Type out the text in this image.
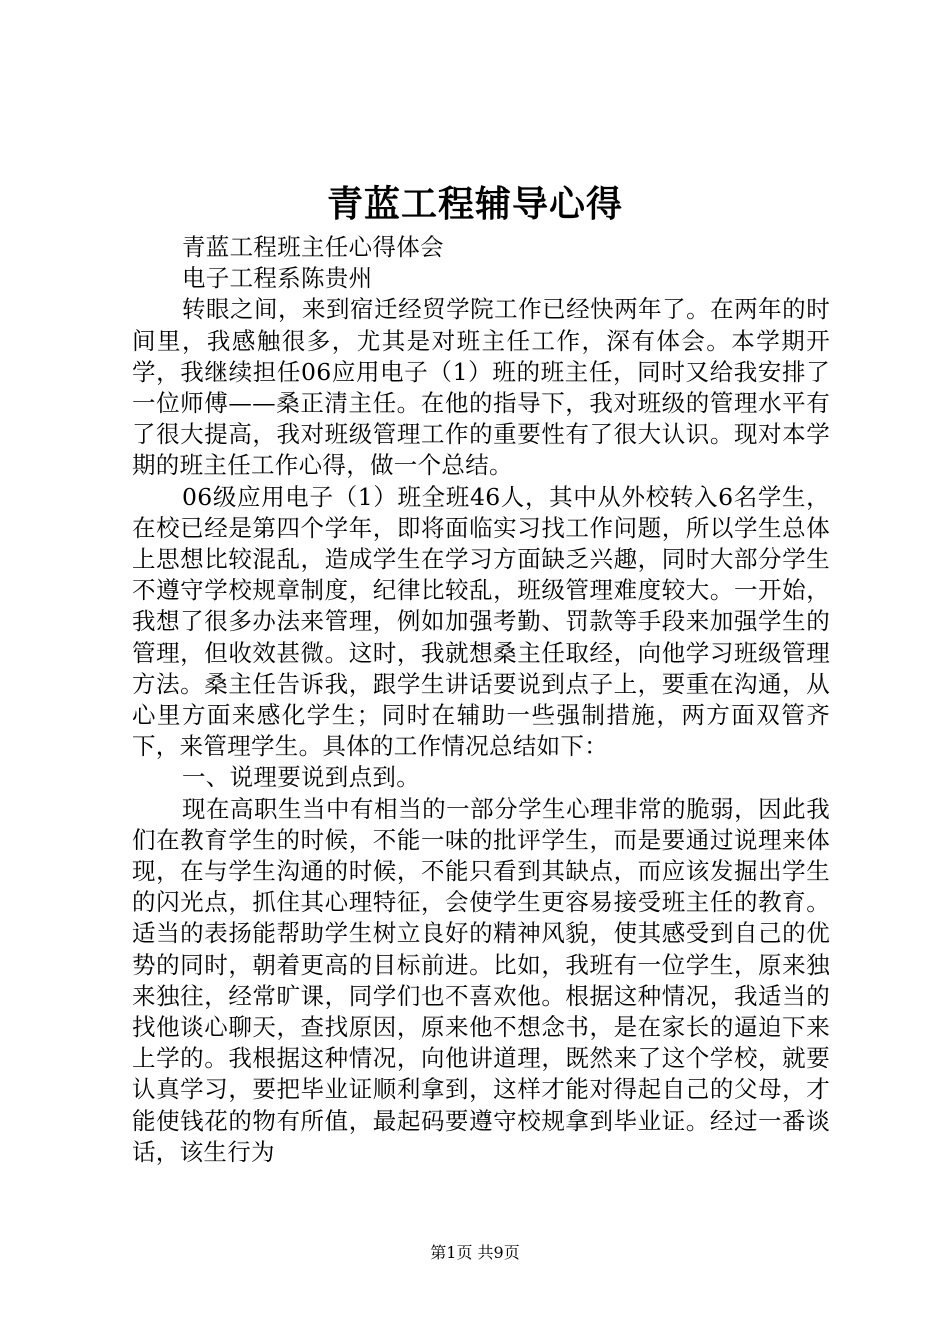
青蓝工程辅导心得

青蓝工程班主任心得体会

电子工程系陈贵州

转眼之间，来到宿迁经贸学院工作已经快两年了。在两年的时间里，我感触很多，尤其是对班主任工作，深有体会。本学期开学，我继续担任06应用电子（1）班的班主任，同时又给我安排了一位师傅——桑正清主任。在他的指导下，我对班级的管理水平有了很大提高，我对班级管理工作的重要性有了很大认识。现对本学期的班主任工作心得，做一个总结。

06级应用电子（1）班全班46人，其中从外校转入6名学生，在校已经是第四个学年，即将面临实习找工作问题，所以学生总体上思想比较混乱，造成学生在学习方面缺乏兴趣，同时大部分学生不遵守学校规章制度，纪律比较乱，班级管理难度较大。一开始，我想了很多办法来管理，例如加强考勤、罚款等手段来加强学生的管理，但收效甚微。这时，我就想桑主任取经，向他学习班级管理方法。桑主任告诉我，跟学生讲话要说到点子上，要重在沟通，从心里方面来感化学生；同时在辅助一些强制措施，两方面双管齐下，来管理学生。具体的工作情况总结如下：

一、说理要说到点到。

现在高职生当中有相当的一部分学生心理非常的脆弱，因此我们在教育学生的时候，不能一味的批评学生，而是要通过说理来体现，在与学生沟通的时候，不能只看到其缺点，而应该发掘出学生的闪光点，抓住其心理特征，会使学生更容易接受班主任的教育。适当的表扬能帮助学生树立良好的精神风貌，使其感受到自己的优势的同时，朝着更高的目标前进。比如，我班有一位学生，原来独来独往，经常旷课，同学们也不喜欢他。根据这种情况，我适当的找他谈心聊天，查找原因，原来他不想念书，是在家长的逼迫下来上学的。我根据这种情况，向他讲道理，既然来了这个学校，就要认真学习，要把毕业证顺利拿到，这样才能对得起自己的父母，才能使钱花的物有所值，最起码要遵守校规拿到毕业证。经过一番谈话，该生行为

第1页 共9页
